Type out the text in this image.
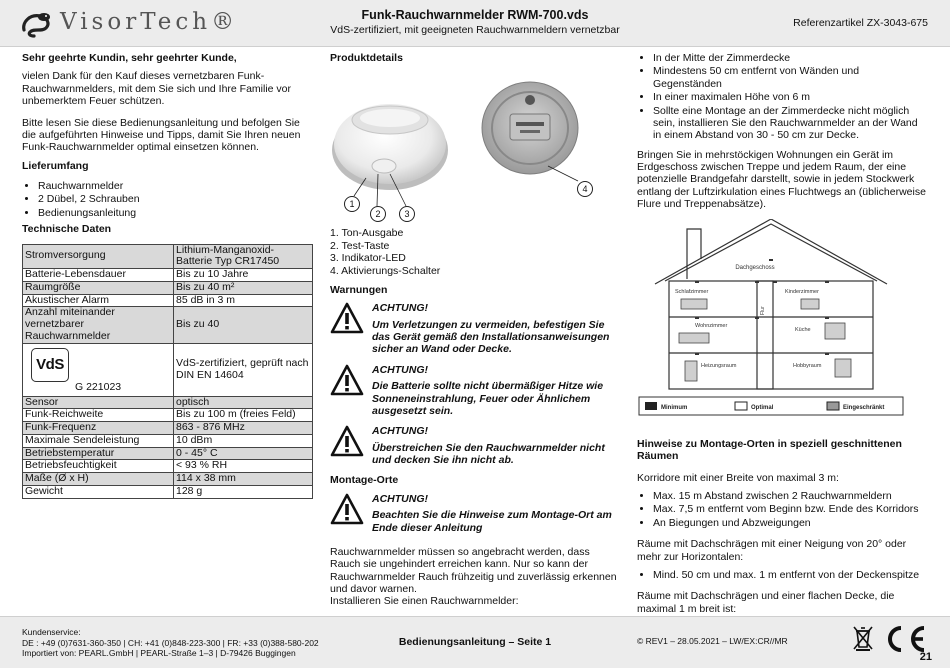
VisorTech®	Funk-Rauchwarnmelder RWM-700.vds
VdS-zertifiziert, mit geeigneten Rauchwarnmeldern vernetzbar
Referenzartikel ZX-3043-675
Sehr geehrte Kundin, sehr geehrter Kunde,

vielen Dank für den Kauf dieses vernetzbaren Funk-Rauchwarnmelders, mit dem Sie sich und Ihre Familie vor unbemerktem Feuer schützen.

Bitte lesen Sie diese Bedienungsanleitung und befolgen Sie die aufgeführten Hinweise und Tipps, damit Sie Ihren neuen Funk-Rauchwarnmelder optimal einsetzen können.

Lieferumfang
• Rauchwarnmelder
• 2 Dübel, 2 Schrauben
• Bedienungsanleitung
Technische Daten
Stromversorgung	Lithium-Manganoxid-Batterie Typ CR17450
Batterie-Lebensdauer	Bis zu 10 Jahre
Raumgröße	Bis zu 40 m²
Akustischer Alarm	85 dB in 3 m
Anzahl miteinander vernetzbarer Rauchwarnmelder	Bis zu 40

VdS
G 221023	VdS-zertifiziert, geprüft nach DIN EN 14604
Sensor	optisch
Funk-Reichweite	Bis zu 100 m (freies Feld)
Funk-Frequenz	863 - 876 MHz
Maximale Sendeleistung	10 dBm
Betriebstemperatur	0 - 45° C
Betriebsfeuchtigkeit	< 93 % RH
Maße (Ø x H)	114 x 38 mm
Gewicht	128 g
Produktdetails
1
2	3
4
1. Ton-Ausgabe
2. Test-Taste
3. Indikator-LED
4. Aktivierungs-Schalter
Warnungen
ACHTUNG!
Um Verletzungen zu vermeiden, befestigen Sie das Gerät gemäß den Installationsanweisungen sicher an Wand oder Decke.
ACHTUNG!
Die Batterie sollte nicht übermäßiger Hitze wie Sonneneinstrahlung, Feuer oder Ähnlichem ausgesetzt sein.
ACHTUNG!
Überstreichen Sie den Rauchwarnmelder nicht und decken Sie ihn nicht ab.
Montage-Orte
ACHTUNG!
Beachten Sie die Hinweise zum Montage-Ort am Ende dieser Anleitung

Rauchwarnmelder müssen so angebracht werden, dass Rauch sie ungehindert erreichen kann. Nur so kann der Rauchwarnmelder Rauch frühzeitig und zuverlässig erkennen und davor warnen.
Installieren Sie einen Rauchwarnmelder:

•
•
• In der Mitte der Zimmerdecke
• Mindestens 50 cm entfernt von Wänden und Gegenständen
• In einer maximalen Höhe von 6 m
• Sollte eine Montage an der Zimmerdecke nicht möglich sein, installieren Sie den Rauchwarnmelder an der Wand in einem Abstand von 30 - 50 cm zur Decke.

Bringen Sie in mehrstöckigen Wohnungen ein Gerät im Erdgeschoss zwischen Treppe und jedem Raum, der eine potenzielle Brandgefahr darstellt, sowie in jedem Stockwerk entlang der Luftzirkulation eines Fluchtwegs an (üblicherweise Flure und Treppenabsätze).

Dachgeschoss
Schlafzimmer	Kinderzimmer
Wohnzimmer
Küche
Heizungsraum	Hobbyraum
Flur
Minimum	Optimal	Eingeschränkt
Hinweise zu Montage-Orten in speziell geschnittenen Räumen

Korridore mit einer Breite von maximal 3 m:

• Max. 15 m Abstand zwischen 2 Rauchwarnmeldern
• Max. 7,5 m entfernt vom Beginn bzw. Ende des Korridors
• An Biegungen und Abzweigungen

Räume mit Dachschrägen mit einer Neigung von 20° oder mehr zur Horizontalen:

• Mind. 50 cm und max. 1 m entfernt von der Deckenspitze

Räume mit Dachschrägen und einer flachen Decke, die maximal 1 m breit ist:

•
Kundenservice:
DE : +49 (0)7631-360-350 | CH: +41 (0)848-223-300 | FR: +33 (0)388-580-202
Importiert von: PEARL.GmbH | PEARL-Straße 1–3 | D-79426 Buggingen
Bedienungsanleitung – Seite 1	© REV1 – 28.05.2021 – LW/EX:CR//MR

21
